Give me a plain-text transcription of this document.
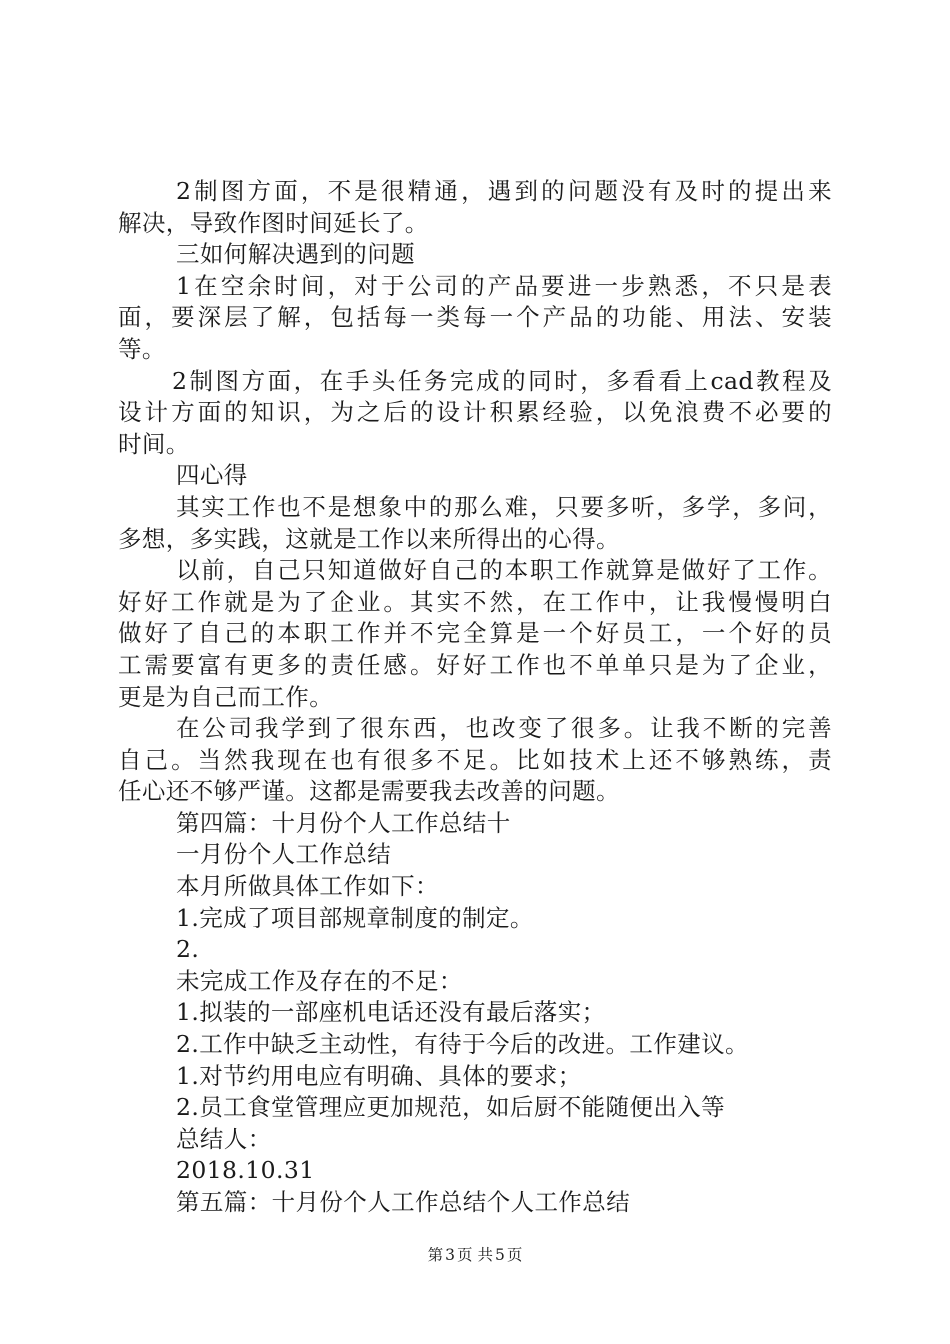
2制图方面，不是很精通，遇到的问题没有及时的提出来
解决，导致作图时间延长了。
三如何解决遇到的问题
1在空余时间，对于公司的产品要进一步熟悉，不只是表
面，要深层了解，包括每一类每一个产品的功能、用法、安装
等。
2制图方面，在手头任务完成的同时，多看看上cad教程及
设计方面的知识，为之后的设计积累经验，以免浪费不必要的
时间。
四心得
其实工作也不是想象中的那么难，只要多听，多学，多问，
多想，多实践，这就是工作以来所得出的心得。
以前，自己只知道做好自己的本职工作就算是做好了工作。
好好工作就是为了企业。其实不然，在工作中，让我慢慢明白
做好了自己的本职工作并不完全算是一个好员工，一个好的员
工需要富有更多的责任感。好好工作也不单单只是为了企业，
更是为自己而工作。
在公司我学到了很东西，也改变了很多。让我不断的完善
自己。当然我现在也有很多不足。比如技术上还不够熟练，责
任心还不够严谨。这都是需要我去改善的问题。
第四篇：十月份个人工作总结十
一月份个人工作总结
本月所做具体工作如下：
1.完成了项目部规章制度的制定。
2.
未完成工作及存在的不足：
1.拟装的一部座机电话还没有最后落实；
2.工作中缺乏主动性，有待于今后的改进。工作建议。
1.对节约用电应有明确、具体的要求；
2.员工食堂管理应更加规范，如后厨不能随便出入等
总结人：
2018.10.31
第五篇：十月份个人工作总结个人工作总结
第 3 页 共 5 页
